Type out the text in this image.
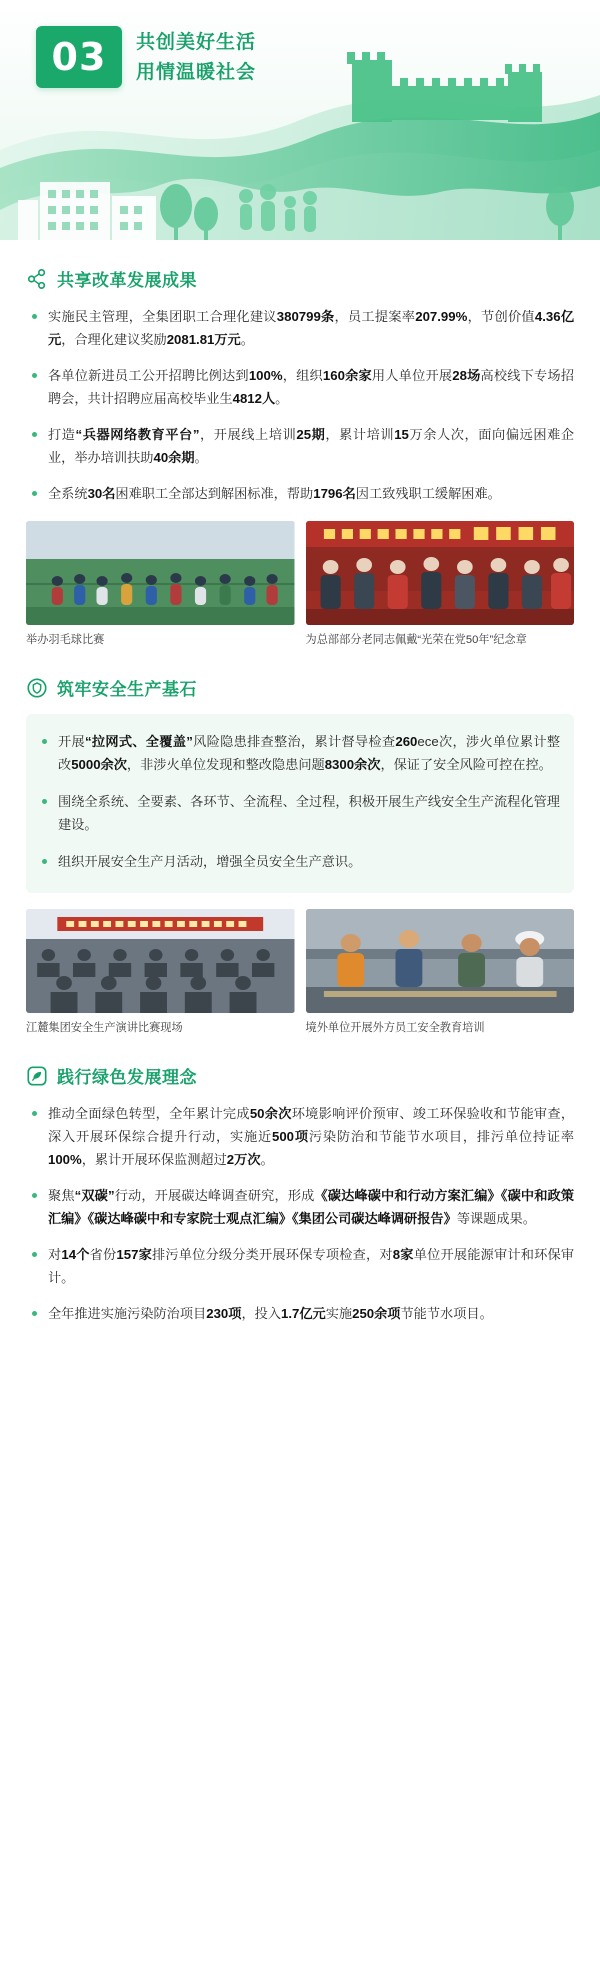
03 共创美好生活
用情温暖社会
共享改革发展成果
实施民主管理，全集团职工合理化建议380799条，员工提案率207.99%，节创价值4.36亿元，合理化建议奖励2081.81万元。
各单位新进员工公开招聘比例达到100%，组织160余家用人单位开展28场高校线下专场招聘会，共计招聘应届高校毕业生4812人。
打造“兵器网络教育平台”，开展线上培训25期，累计培训15万余人次，面向偏远困难企业，举办培训扶助40余期。
全系统30名困难职工全部达到解困标准，帮助1796名因工致残职工缓解困难。
举办羽毛球比赛	为总部部分老同志佩戴“光荣在党50年”纪念章
筑牢安全生产基石
开展“拉网式、全覆盖”风险隐患排查整治，累计督导检查260ece次，涉火单位累计整改5000余次，非涉火单位发现和整改隐患问题8300余次，保证了安全风险可控在控。
围绕全系统、全要素、各环节、全流程、全过程，积极开展生产线安全生产流程化管理建设。
组织开展安全生产月活动，增强全员安全生产意识。
江麓集团安全生产演讲比赛现场	境外单位开展外方员工安全教育培训
践行绿色发展理念
推动全面绿色转型，全年累计完成50余次环境影响评价预审、竣工环保验收和节能审查，深入开展环保综合提升行动，实施近500项污染防治和节能节水项目，排污单位持证率100%，累计开展环保监测超过2万次。
聚焦“双碳”行动，开展碳达峰调查研究，形成《碳达峰碳中和行动方案汇编》《碳中和政策汇编》《碳达峰碳中和专家院士观点汇编》《集团公司碳达峰调研报告》等课题成果。
对14个省份157家排污单位分级分类开展环保专项检查，对8家单位开展能源审计和环保审计。
全年推进实施污染防治项目230项，投入1.7亿元实施250余项节能节水项目。
